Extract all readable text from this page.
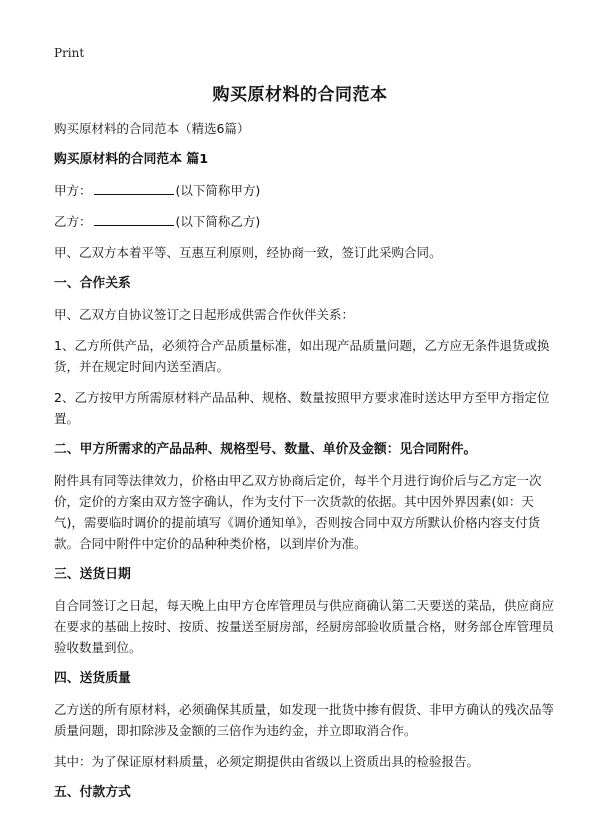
Print
购买原材料的合同范本

购买原材料的合同范本（精选6篇）

购买原材料的合同范本 篇1

甲方：	(以下简称甲方)

乙方：	(以下简称乙方)

甲、乙双方本着平等、互惠互利原则，经协商一致，签订此采购合同。

一、合作关系

甲、乙双方自协议签订之日起形成供需合作伙伴关系：

1、乙方所供产品，必须符合产品质量标准，如出现产品质量问题，乙方应无条件退货或换货，并在规定时间内送至酒店。

2、乙方按甲方所需原材料产品品种、规格、数量按照甲方要求准时送达甲方至甲方指定位置。

二、甲方所需求的产品品种、规格型号、数量、单价及金额：见合同附件。

附件具有同等法律效力，价格由甲乙双方协商后定价，每半个月进行询价后与乙方定一次价，定价的方案由双方签字确认，作为支付下一次货款的依据。其中因外界因素(如：天气)，需要临时调价的提前填写《调价通知单》，否则按合同中双方所默认价格内容支付货款。合同中附件中定价的品种种类价格，以到岸价为准。

三、送货日期

自合同签订之日起，每天晚上由甲方仓库管理员与供应商确认第二天要送的菜品，供应商应在要求的基础上按时、按质、按量送至厨房部，经厨房部验收质量合格，财务部仓库管理员验收数量到位。

四、送货质量

乙方送的所有原材料，必须确保其质量，如发现一批货中掺有假货、非甲方确认的残次品等质量问题，即扣除涉及金额的三倍作为违约金，并立即取消合作。

其中：为了保证原材料质量，必须定期提供由省级以上资质出具的检验报告。

五、付款方式
